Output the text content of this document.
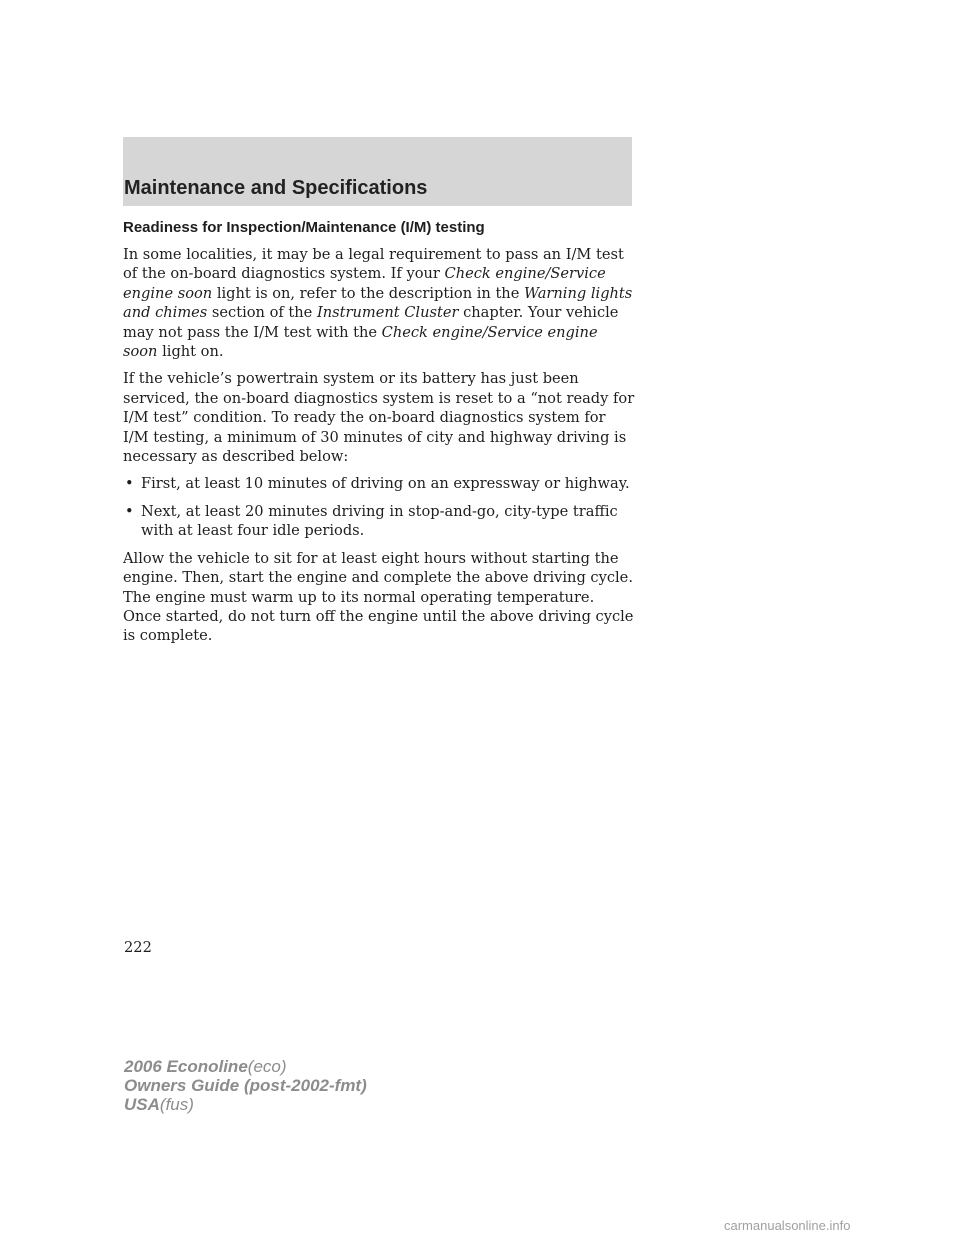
Maintenance and Specifications
Readiness for Inspection/Maintenance (I/M) testing

In some localities, it may be a legal requirement to pass an I/M test of the on-board diagnostics system. If your Check engine/Service engine soon light is on, refer to the description in the Warning lights and chimes section of the Instrument Cluster chapter. Your vehicle may not pass the I/M test with the Check engine/Service engine soon light on.

If the vehicle’s powertrain system or its battery has just been serviced, the on-board diagnostics system is reset to a “not ready for I/M test” condition. To ready the on-board diagnostics system for I/M testing, a minimum of 30 minutes of city and highway driving is necessary as described below:

• First, at least 10 minutes of driving on an expressway or highway.
• Next, at least 20 minutes driving in stop-and-go, city-type traffic with at least four idle periods.

Allow the vehicle to sit for at least eight hours without starting the engine. Then, start the engine and complete the above driving cycle. The engine must warm up to its normal operating temperature. Once started, do not turn off the engine until the above driving cycle is complete.

222
2006 Econoline(eco)
Owners Guide (post-2002-fmt)
USA(fus)
carmanualsonline.info
